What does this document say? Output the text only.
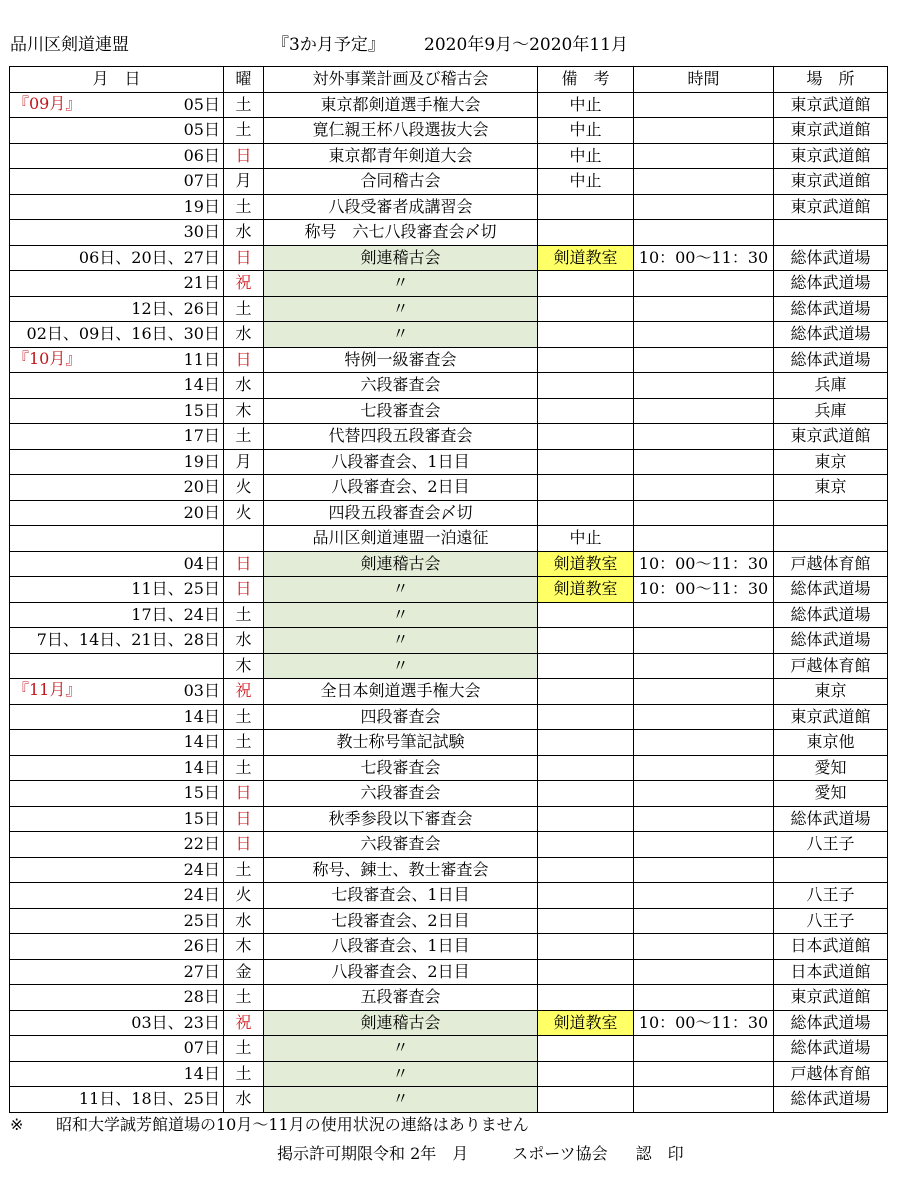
品川区剣道連盟	『3か月予定』 2020年9月～2020年11月
月　日	曜	対外事業計画及び稽古会	備　考	時間	場　所

『09月』 05日	土	東京都剣道選手権大会	中止		東京武道館
05日	土	寛仁親王杯八段選抜大会	中止		東京武道館
06日	日	東京都青年剣道大会	中止		東京武道館
07日	月	合同稽古会	中止		東京武道館
19日	土	八段受審者成講習会			東京武道館
30日	水	称号　六七八段審査会〆切			
06日、20日、27日	日	剣連稽古会	剣道教室	10：00～11：30	総体武道場
21日	祝	〃			総体武道場
12日、26日	土	〃			総体武道場
02日、09日、16日、30日	水	〃			総体武道場

『10月』 11日	日	特例一級審査会			総体武道場
14日	水	六段審査会			兵庫
15日	木	七段審査会			兵庫
17日	土	代替四段五段審査会			東京武道館
19日	月	八段審査会、1日目			東京
20日	火	八段審査会、2日目			東京
20日	火	四段五段審査会〆切			
		品川区剣道連盟一泊遠征	中止		
04日	日	剣連稽古会	剣道教室	10：00～11：30	戸越体育館
11日、25日	日	〃	剣道教室	10：00～11：30	総体武道場
17日、24日	土	〃			総体武道場
7日、14日、21日、28日	水	〃			総体武道場
	木	〃			戸越体育館

『11月』 03日	祝	全日本剣道選手権大会			東京
14日	土	四段審査会			東京武道館
14日	土	教士称号筆記試験			東京他
14日	土	七段審査会			愛知
15日	日	六段審査会			愛知
15日	日	秋季参段以下審査会			総体武道場
22日	日	六段審査会			八王子
24日	土	称号、錬士、教士審査会			
24日	火	七段審査会、1日目			八王子
25日	水	七段審査会、2日目			八王子
26日	木	八段審査会、1日目			日本武道館
27日	金	八段審査会、2日目			日本武道館
28日	土	五段審査会			東京武道館
03日、23日	祝	剣連稽古会	剣道教室	10：00～11：30	総体武道場
07日	土	〃			総体武道場
14日	土	〃			戸越体育館
11日、18日、25日	水	〃			総体武道場
※ 昭和大学誠芳館道場の10月～11月の使用状況の連絡はありません
掲示許可期限令和 2年　月	スポーツ協会 認　印
